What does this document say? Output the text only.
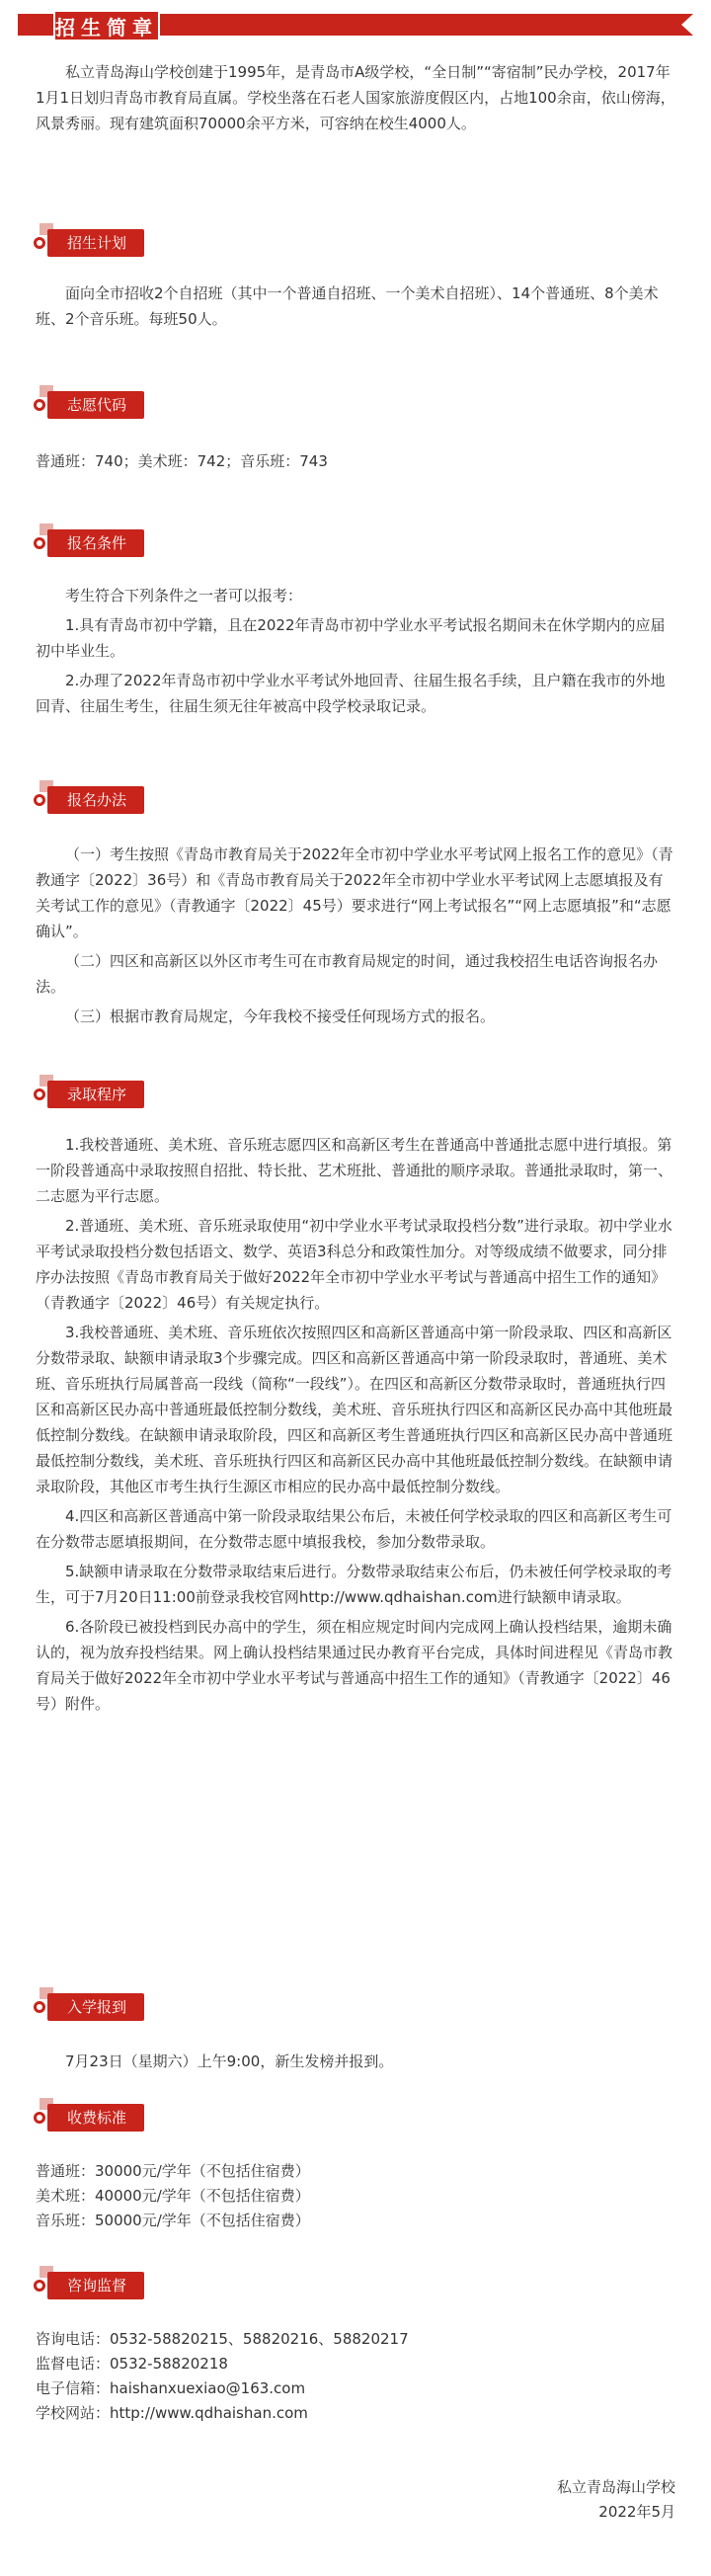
招生简章

私立青岛海山学校创建于1995年，是青岛市A级学校，“全日制”“寄宿制”民办学校，2017年1月1日划归青岛市教育局直属。学校坐落在石老人国家旅游度假区内，占地100余亩，依山傍海，风景秀丽。现有建筑面积70000余平方米，可容纳在校生4000人。

招生计划

面向全市招收2个自招班（其中一个普通自招班、一个美术自招班）、14个普通班、8个美术班、2个音乐班。每班50人。

志愿代码

普通班：740；美术班：742；音乐班：743

报名条件

考生符合下列条件之一者可以报考：

1.具有青岛市初中学籍，且在2022年青岛市初中学业水平考试报名期间未在休学期内的应届初中毕业生。

2.办理了2022年青岛市初中学业水平考试外地回青、往届生报名手续，且户籍在我市的外地回青、往届生考生，往届生须无往年被高中段学校录取记录。

报名办法

（一）考生按照《青岛市教育局关于2022年全市初中学业水平考试网上报名工作的意见》（青教通字〔2022〕36号）和《青岛市教育局关于2022年全市初中学业水平考试网上志愿填报及有关考试工作的意见》（青教通字〔2022〕45号）要求进行“网上考试报名”“网上志愿填报”和“志愿确认”。

（二）四区和高新区以外区市考生可在市教育局规定的时间，通过我校招生电话咨询报名办法。

（三）根据市教育局规定，今年我校不接受任何现场方式的报名。

录取程序

1.我校普通班、美术班、音乐班志愿四区和高新区考生在普通高中普通批志愿中进行填报。第一阶段普通高中录取按照自招批、特长批、艺术班批、普通批的顺序录取。普通批录取时，第一、二志愿为平行志愿。

2.普通班、美术班、音乐班录取使用“初中学业水平考试录取投档分数”进行录取。初中学业水平考试录取投档分数包括语文、数学、英语3科总分和政策性加分。对等级成绩不做要求，同分排序办法按照《青岛市教育局关于做好2022年全市初中学业水平考试与普通高中招生工作的通知》（青教通字〔2022〕46号）有关规定执行。

3.我校普通班、美术班、音乐班依次按照四区和高新区普通高中第一阶段录取、四区和高新区分数带录取、缺额申请录取3个步骤完成。四区和高新区普通高中第一阶段录取时，普通班、美术班、音乐班执行局属普高一段线（简称“一段线”）。在四区和高新区分数带录取时，普通班执行四区和高新区民办高中普通班最低控制分数线，美术班、音乐班执行四区和高新区民办高中其他班最低控制分数线。在缺额申请录取阶段，四区和高新区考生普通班执行四区和高新区民办高中普通班最低控制分数线，美术班、音乐班执行四区和高新区民办高中其他班最低控制分数线。在缺额申请录取阶段，其他区市考生执行生源区市相应的民办高中最低控制分数线。

4.四区和高新区普通高中第一阶段录取结果公布后，未被任何学校录取的四区和高新区考生可在分数带志愿填报期间，在分数带志愿中填报我校，参加分数带录取。

5.缺额申请录取在分数带录取结束后进行。分数带录取结束公布后，仍未被任何学校录取的考生，可于7月20日11:00前登录我校官网http://www.qdhaishan.com进行缺额申请录取。

6.各阶段已被投档到民办高中的学生，须在相应规定时间内完成网上确认投档结果，逾期未确认的，视为放弃投档结果。网上确认投档结果通过民办教育平台完成，具体时间进程见《青岛市教育局关于做好2022年全市初中学业水平考试与普通高中招生工作的通知》（青教通字〔2022〕46号）附件。

入学报到

7月23日（星期六）上午9:00，新生发榜并报到。

收费标准

普通班：30000元/学年（不包括住宿费）

美术班：40000元/学年（不包括住宿费）

音乐班：50000元/学年（不包括住宿费）

咨询监督

咨询电话：0532-58820215、58820216、58820217

监督电话：0532-58820218

电子信箱：haishanxuexiao@163.com

学校网站：http://www.qdhaishan.com

私立青岛海山学校
2022年5月
